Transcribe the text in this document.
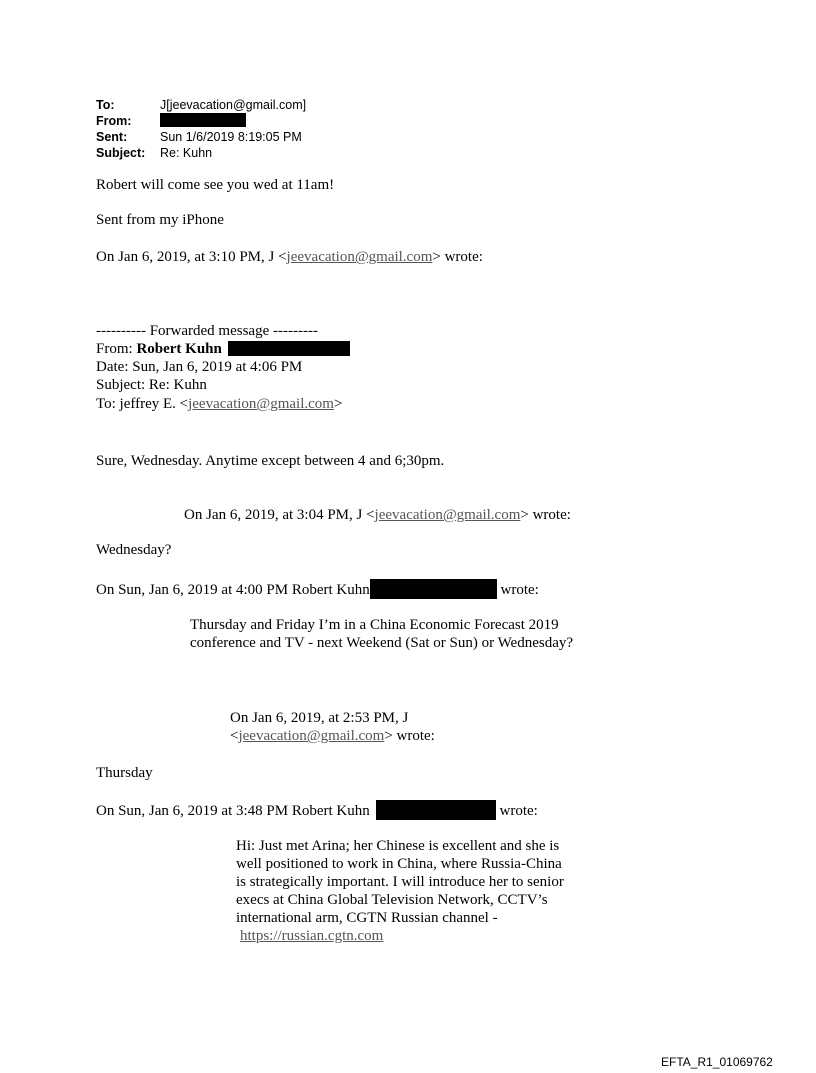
To:	J[jeevacation@gmail.com]
From:
Sent:	Sun 1/6/2019 8:19:05 PM
Subject: Re: Kuhn
Robert will come see you wed at 11am!
Sent from my iPhone
On Jan 6, 2019, at 3:10 PM, J <jeevacation@gmail.com> wrote:
---------- Forwarded message ---------
From: Robert Kuhn
Date: Sun, Jan 6, 2019 at 4:06 PM
Subject: Re: Kuhn
To: jeffrey E. <jeevacation@gmail.com>
Sure, Wednesday. Anytime except between 4 and 6;30pm.
On Jan 6, 2019, at 3:04 PM, J <jeevacation@gmail.com> wrote:
Wednesday?
On Sun, Jan 6, 2019 at 4:00 PM Robert Kuhn	wrote:
Thursday and Friday I’m in a China Economic Forecast 2019
conference and TV - next Weekend (Sat or Sun) or Wednesday?
On Jan 6, 2019, at 2:53 PM, J
<jeevacation@gmail.com> wrote:
Thursday
On Sun, Jan 6, 2019 at 3:48 PM Robert Kuhn	wrote:
Hi: Just met Arina; her Chinese is excellent and she is
well positioned to work in China, where Russia-China
is strategically important. I will introduce her to senior
execs at China Global Television Network, CCTV’s
international arm, CGTN Russian channel -
https://russian.cgtn.com
EFTA_R1_01069762
